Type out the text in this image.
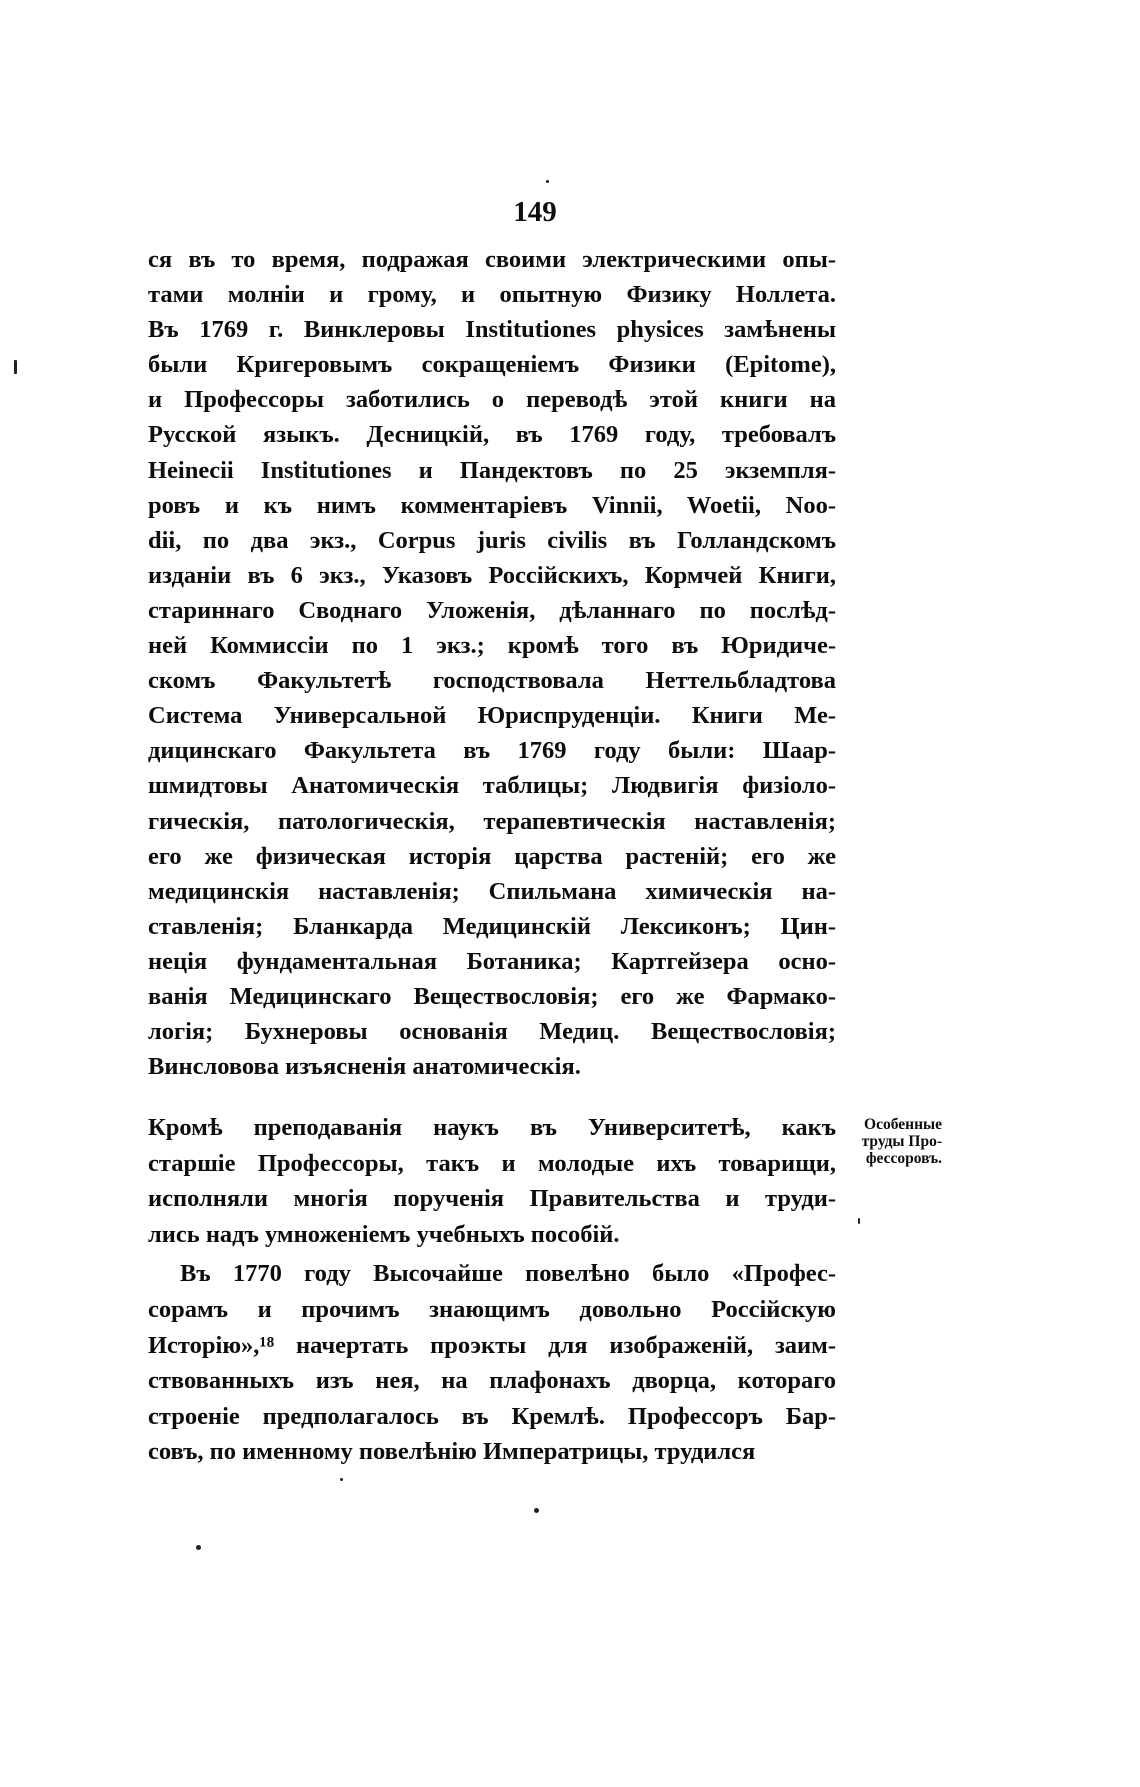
149
ся въ то время, подражая своими электрическими опы-
тами молнiи и грому, и опытную Физику Ноллета.
Въ 1769 г. Винклеровы Institutiones physices замѣнены
были Кригеровымъ сокращенiемъ Физики (Epitome),
и Профессоры заботились о переводѣ этой книги на
Русской языкъ. Десницкiй, въ 1769 году, требовалъ
Heinecii Institutiones и Пандектовъ по 25 экземпля-
ровъ и къ нимъ комментарiевъ Vinnii, Woetii, Noo-
dii, по два экз., Corpus juris civilis въ Голландскомъ
изданiи въ 6 экз., Указовъ Россiйскихъ, Кормчей Книги,
стариннаго Своднаго Уложенiя, дѣланнаго по послѣд-
ней Коммиссiи по 1 экз.; кромѣ того въ Юридиче-
скомъ Факультетѣ господствовала Неттельбладтова
Система Универсальной Юриспруденцiи. Книги Ме-
дицинскаго Факультета въ 1769 году были: Шаар-
шмидтовы Анатомическiя таблицы; Людвигiя физiоло-
гическiя, патологическiя, терапевтическiя наставленiя;
его же физическая исторiя царства растенiй; его же
медицинскiя наставленiя; Спильмана химическiя на-
ставленiя; Бланкарда Медицинскiй Лексиконъ; Цин-
нецiя фундаментальная Ботаника; Картгейзера осно-
ванiя Медицинскаго Веществословiя; его же Фармако-
логiя; Бухнеровы основанiя Медиц. Веществословiя;
Винсловова изъясненiя анатомическiя.
Кромѣ преподаванiя наукъ въ Университетѣ, какъ
старшiе Профессоры, такъ и молодые ихъ товарищи,
исполняли многiя порученiя Правительства и труди-
лись надъ умноженiемъ учебныхъ пособiй.
Въ 1770 году Высочайше повелѣно было «Профес-
сорамъ и прочимъ знающимъ довольно Россiйскую
Исторiю»,¹⁸ начертать проэкты для изображенiй, заим-
ствованныхъ изъ нея, на плафонахъ дворца, котораго
строенiе предполагалось въ Кремлѣ. Профессоръ Бар-
совъ, по именному повелѣнiю Императрицы, трудился
Особенные
труды Про-
фессоровъ.
